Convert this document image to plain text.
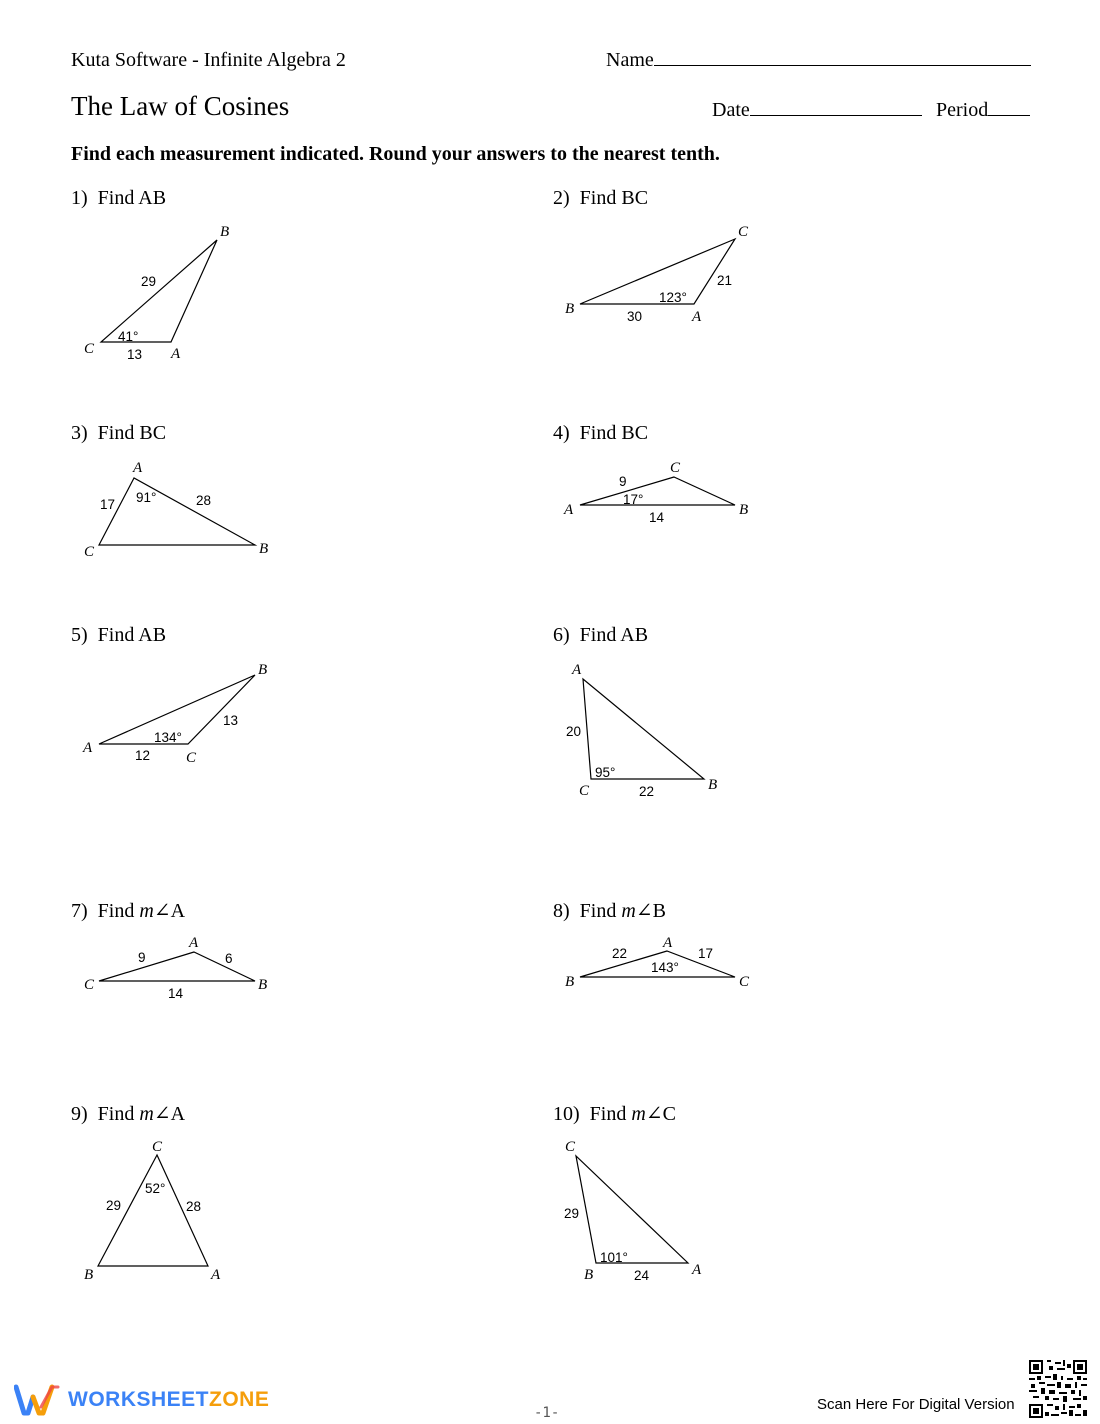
Kuta Software - Infinite Algebra 2	Name
The Law of Cosines	Date	Period
Find each measurement indicated. Round your answers to the nearest tenth.
1) Find AB
B
C	A
29
13
41°
2) Find BC
C
B	A
21
30
123°
3) Find BC
A
C	B
17	28
91°
4) Find BC
C
A	B
9
14
17°
5) Find AB
B
A
C
13
12
134°
6) Find AB
A
C	B
20
22
95°
7) Find m∠A
A
C	B
9	6
14
8) Find m∠B
A
B	C
22	17
143°
9) Find m∠A
C
B	A
29	28
52°
10) Find m∠C
C
B	A
29
24
101°
WORKSHEETZONE
-1-	Scan Here For Digital Version
